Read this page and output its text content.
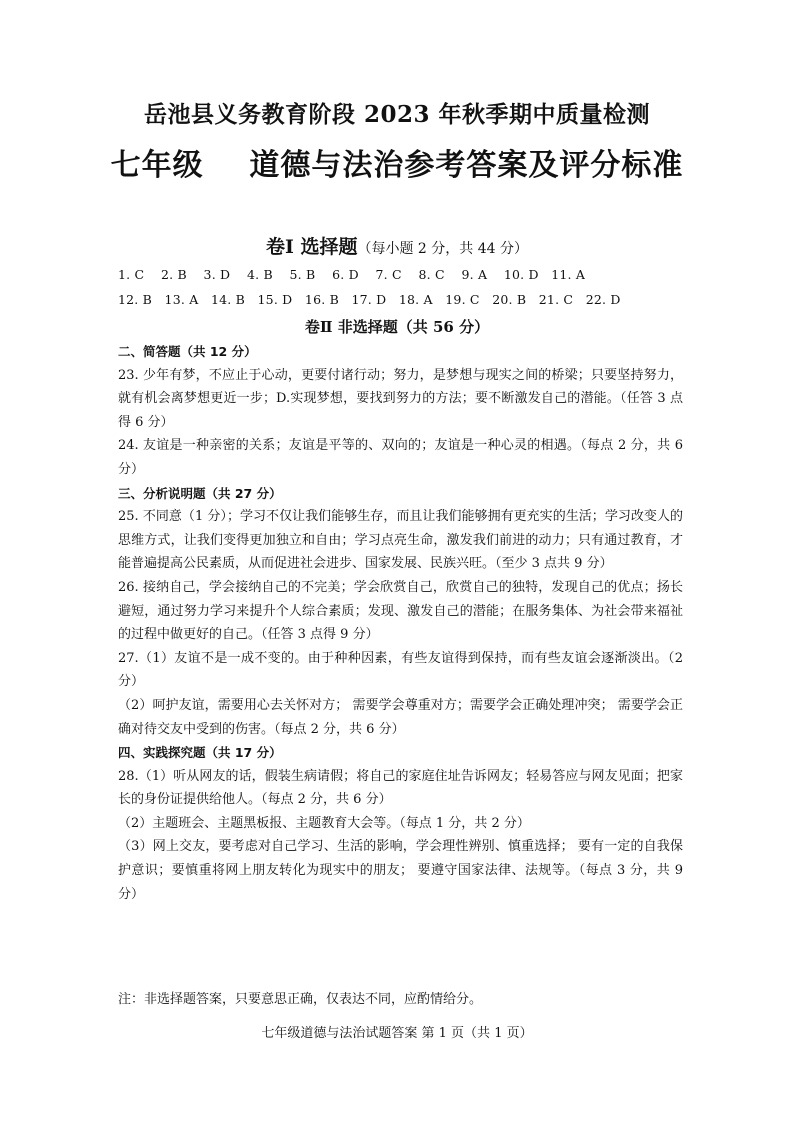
岳池县义务教育阶段 2023 年秋季期中质量检测
七年级    道德与法治参考答案及评分标准
卷Ⅰ 选择题（每小题 2 分，共 44 分）
1. C    2. B    3. D    4. B    5. B    6. D    7. C    8. C    9. A    10. D   11. A
12. B   13. A   14. B   15. D   16. B   17. D   18. A   19. C   20. B   21. C   22. D
卷Ⅱ 非选择题（共 56 分）

二、简答题（共 12 分）

23. 少年有梦，不应止于心动，更要付诸行动；努力，是梦想与现实之间的桥梁；只要坚持努力，就有机会离梦想更近一步；D.实现梦想，要找到努力的方法；要不断激发自己的潜能。（任答 3 点得 6 分）

24. 友谊是一种亲密的关系；友谊是平等的、双向的；友谊是一种心灵的相遇。（每点 2 分，共 6 分）

三、分析说明题（共 27 分）

25. 不同意（1 分）；学习不仅让我们能够生存，而且让我们能够拥有更充实的生活；学习改变人的思维方式，让我们变得更加独立和自由；学习点亮生命，激发我们前进的动力；只有通过教育，才能普遍提高公民素质，从而促进社会进步、国家发展、民族兴旺。（至少 3 点共 9 分）

26. 接纳自己，学会接纳自己的不完美；学会欣赏自己，欣赏自己的独特，发现自己的优点；扬长避短，通过努力学习来提升个人综合素质；发现、激发自己的潜能；在服务集体、为社会带来福祉的过程中做更好的自己。（任答 3 点得 9 分）

27.（1）友谊不是一成不变的。由于种种因素，有些友谊得到保持，而有些友谊会逐渐淡出。（2 分）

（2）呵护友谊，需要用心去关怀对方； 需要学会尊重对方；需要学会正确处理冲突； 需要学会正确对待交友中受到的伤害。（每点 2 分，共 6 分）

四、实践探究题（共 17 分）

28.（1）听从网友的话，假装生病请假；将自己的家庭住址告诉网友；轻易答应与网友见面；把家长的身份证提供给他人。（每点 2 分，共 6 分）

（2）主题班会、主题黑板报、主题教育大会等。（每点 1 分，共 2 分）

（3）网上交友，要考虑对自己学习、生活的影响，学会理性辨别、慎重选择； 要有一定的自我保护意识；要慎重将网上朋友转化为现实中的朋友； 要遵守国家法律、法规等。（每点 3 分，共 9 分）

注：非选择题答案，只要意思正确，仅表达不同，应酌情给分。
七年级道德与法治试题答案 第 1 页（共 1 页）
